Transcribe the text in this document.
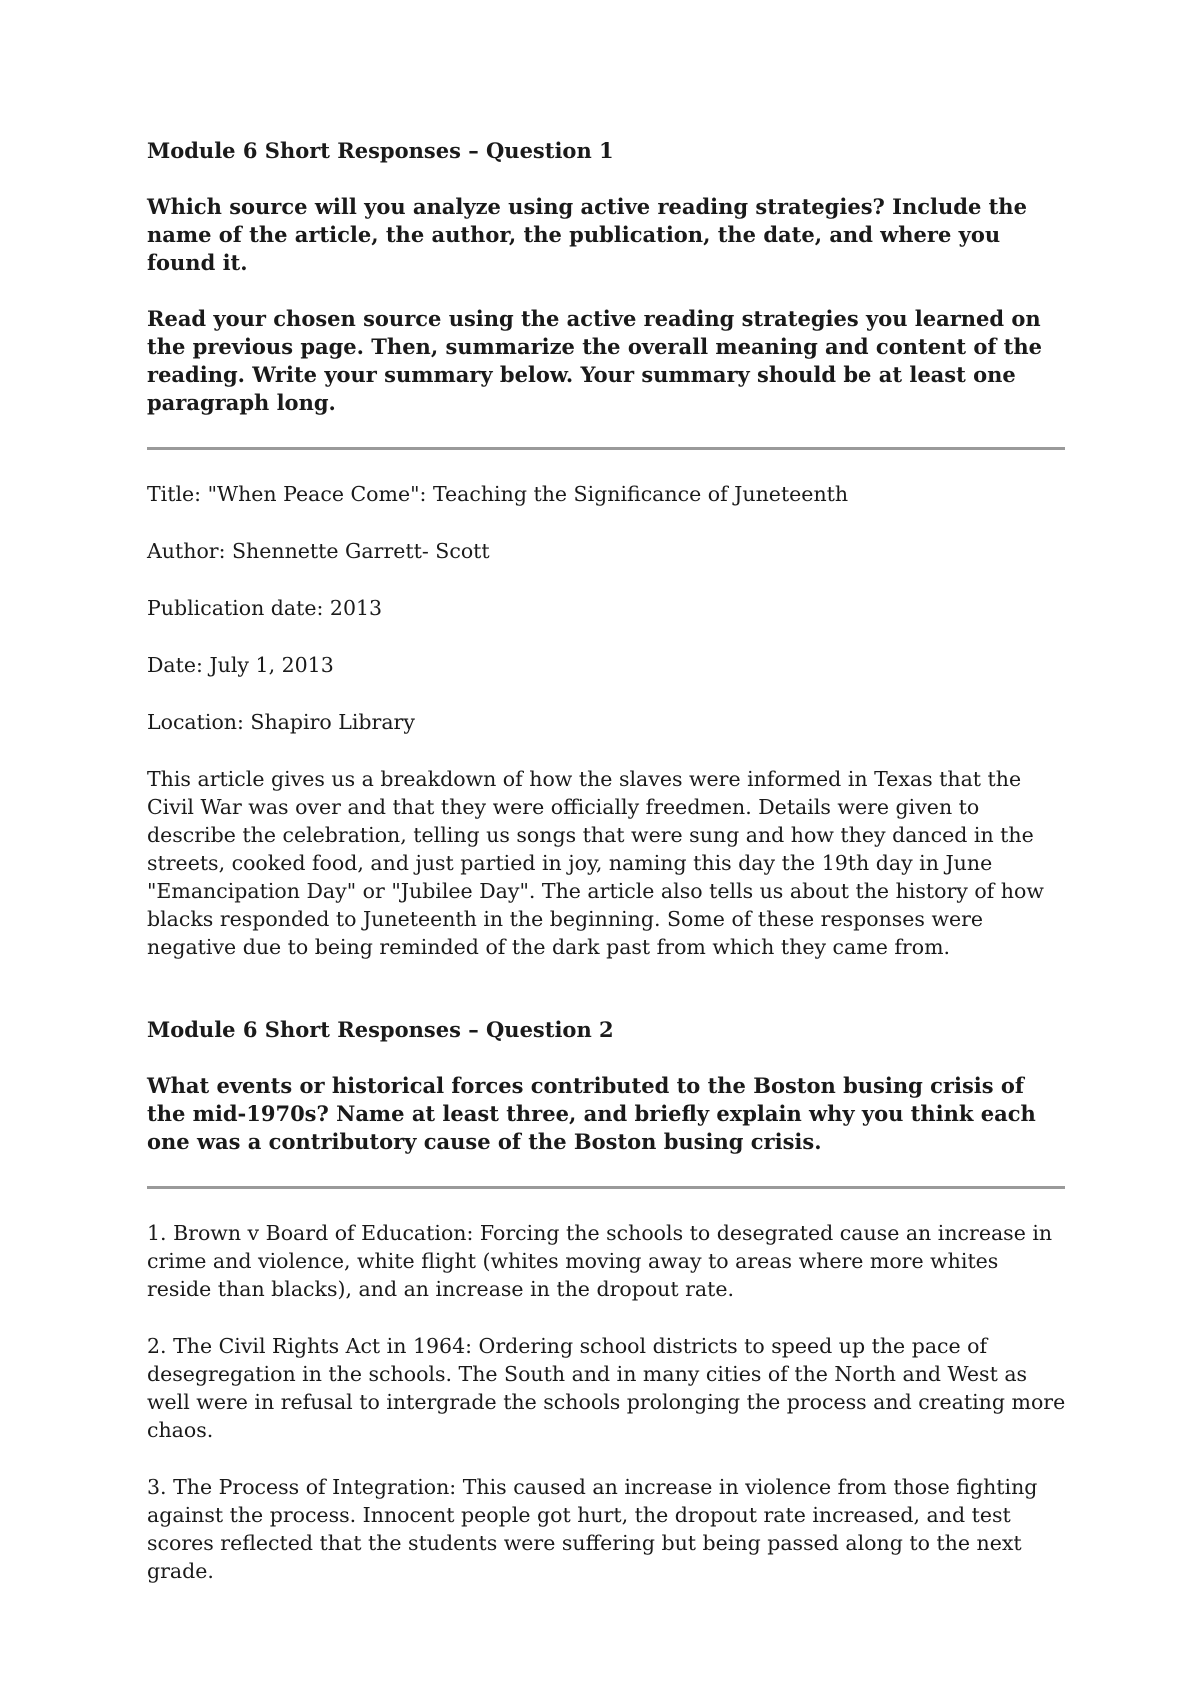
Module 6 Short Responses – Question 1
Which source will you analyze using active reading strategies? Include the name of the article, the author, the publication, the date, and where you found it.
Read your chosen source using the active reading strategies you learned on the previous page. Then, summarize the overall meaning and content of the reading. Write your summary below. Your summary should be at least one paragraph long.
Title: "When Peace Come": Teaching the Significance of Juneteenth
Author: Shennette Garrett- Scott
Publication date: 2013
Date: July 1, 2013
Location: Shapiro Library
This article gives us a breakdown of how the slaves were informed in Texas that the Civil War was over and that they were officially freedmen. Details were given to describe the celebration, telling us songs that were sung and how they danced in the streets, cooked food, and just partied in joy, naming this day the 19th day in June "Emancipation Day" or "Jubilee Day". The article also tells us about the history of how blacks responded to Juneteenth in the beginning. Some of these responses were negative due to being reminded of the dark past from which they came from.
Module 6 Short Responses – Question 2
What events or historical forces contributed to the Boston busing crisis of the mid-1970s? Name at least three, and briefly explain why you think each one was a contributory cause of the Boston busing crisis.
1. Brown v Board of Education: Forcing the schools to desegrated cause an increase in crime and violence, white flight (whites moving away to areas where more whites reside than blacks), and an increase in the dropout rate.
2. The Civil Rights Act in 1964: Ordering school districts to speed up the pace of desegregation in the schools. The South and in many cities of the North and West as well were in refusal to intergrade the schools prolonging the process and creating more chaos.
3. The Process of Integration: This caused an increase in violence from those fighting against the process. Innocent people got hurt, the dropout rate increased, and test scores reflected that the students were suffering but being passed along to the next grade.
